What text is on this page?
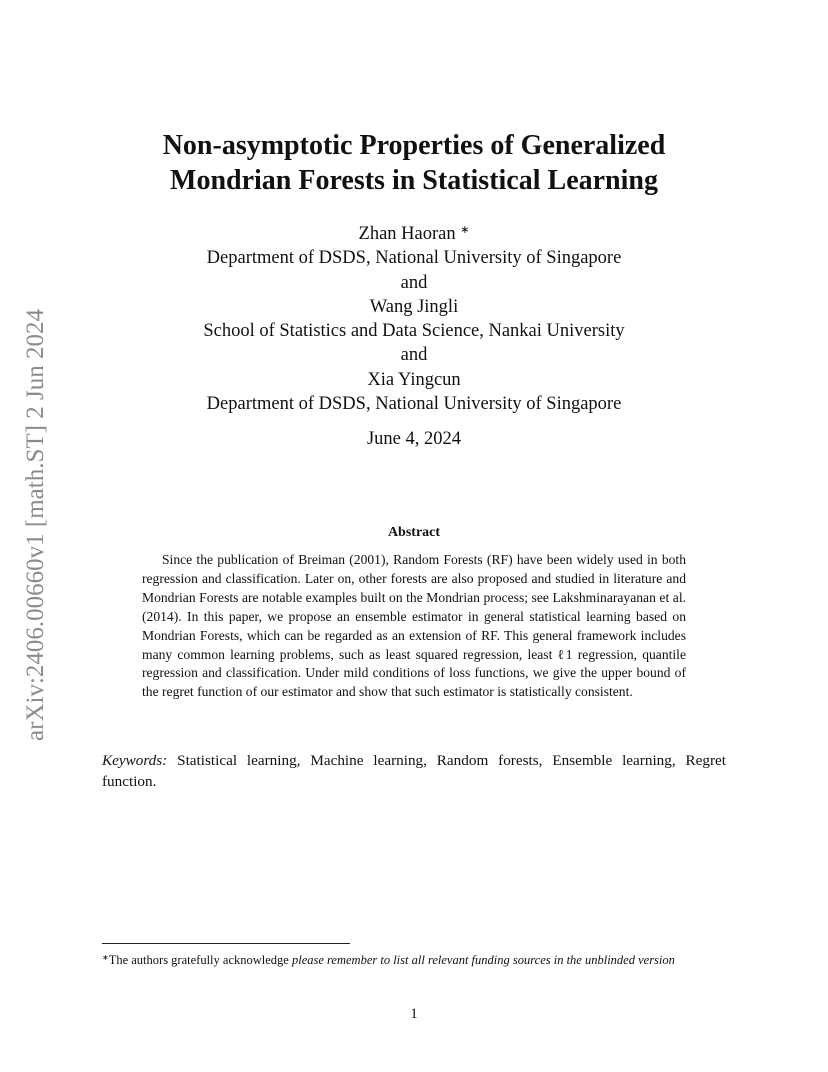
arXiv:2406.00660v1 [math.ST] 2 Jun 2024
Non-asymptotic Properties of Generalized
Mondrian Forests in Statistical Learning
Zhan Haoran ∗
Department of DSDS, National University of Singapore
and
Wang Jingli
School of Statistics and Data Science, Nankai University
and
Xia Yingcun
Department of DSDS, National University of Singapore
June 4, 2024
Abstract

Since the publication of Breiman (2001), Random Forests (RF) have been widely used in both regression and classification. Later on, other forests are also proposed and studied in literature and Mondrian Forests are notable examples built on the Mondrian process; see Lakshminarayanan et al. (2014). In this paper, we propose an ensemble estimator in general statistical learning based on Mondrian Forests, which can be regarded as an extension of RF. This general framework includes many common learning problems, such as least squared regression, least ℓ1 regression, quantile regression and classification. Under mild conditions of loss functions, we give the upper bound of the regret function of our estimator and show that such estimator is statistically consistent.

Keywords: Statistical learning, Machine learning, Random forests, Ensemble learning, Regret function.

∗The authors gratefully acknowledge please remember to list all relevant funding sources in the unblinded version

1
